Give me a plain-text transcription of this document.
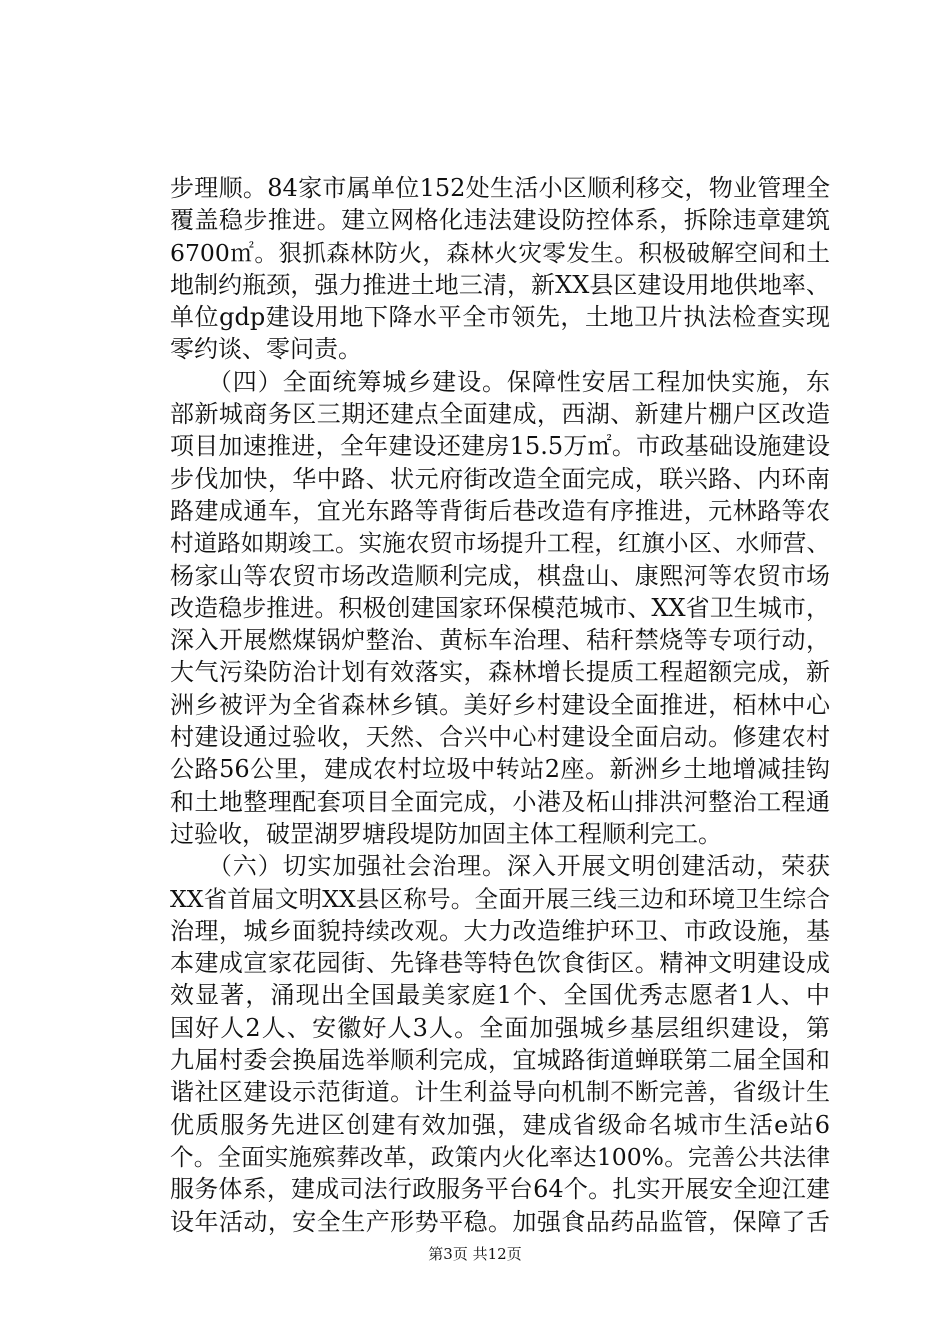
步理顺。84家市属单位152处生活小区顺利移交，物业管理全
覆盖稳步推进。建立网格化违法建设防控体系，拆除违章建筑
6700㎡。狠抓森林防火，森林火灾零发生。积极破解空间和土
地制约瓶颈，强力推进土地三清，新XX县区建设用地供地率、
单位gdp建设用地下降水平全市领先，土地卫片执法检查实现
零约谈、零问责。
　　（四）全面统筹城乡建设。保障性安居工程加快实施，东
部新城商务区三期还建点全面建成，西湖、新建片棚户区改造
项目加速推进，全年建设还建房15.5万㎡。市政基础设施建设
步伐加快，华中路、状元府街改造全面完成，联兴路、内环南
路建成通车，宜光东路等背街后巷改造有序推进，元林路等农
村道路如期竣工。实施农贸市场提升工程，红旗小区、水师营、
杨家山等农贸市场改造顺利完成，棋盘山、康熙河等农贸市场
改造稳步推进。积极创建国家环保模范城市、XX省卫生城市，
深入开展燃煤锅炉整治、黄标车治理、秸秆禁烧等专项行动，
大气污染防治计划有效落实，森林增长提质工程超额完成，新
洲乡被评为全省森林乡镇。美好乡村建设全面推进，栢林中心
村建设通过验收，天然、合兴中心村建设全面启动。修建农村
公路56公里，建成农村垃圾中转站2座。新洲乡土地增减挂钩
和土地整理配套项目全面完成，小港及柘山排洪河整治工程通
过验收，破罡湖罗塘段堤防加固主体工程顺利完工。
　　（六）切实加强社会治理。深入开展文明创建活动，荣获
XX省首届文明XX县区称号。全面开展三线三边和环境卫生综合
治理，城乡面貌持续改观。大力改造维护环卫、市政设施，基
本建成宣家花园街、先锋巷等特色饮食街区。精神文明建设成
效显著，涌现出全国最美家庭1个、全国优秀志愿者1人、中
国好人2人、安徽好人3人。全面加强城乡基层组织建设，第
九届村委会换届选举顺利完成，宜城路街道蝉联第二届全国和
谐社区建设示范街道。计生利益导向机制不断完善，省级计生
优质服务先进区创建有效加强，建成省级命名城市生活e站6
个。全面实施殡葬改革，政策内火化率达100%。完善公共法律
服务体系，建成司法行政服务平台64个。扎实开展安全迎江建
设年活动，安全生产形势平稳。加强食品药品监管，保障了舌
第3页 共12页
